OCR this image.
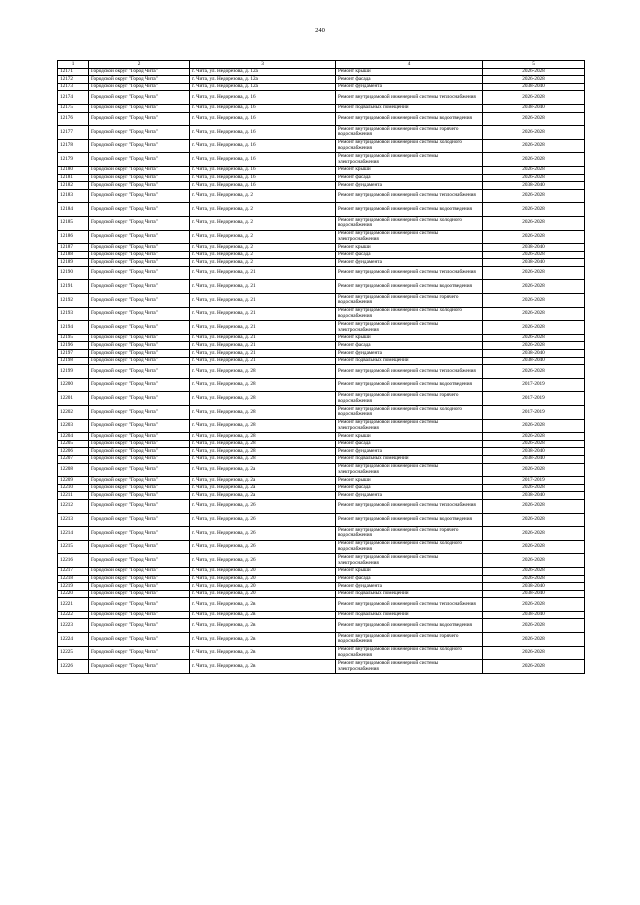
240
1	2	3	4	5
12171	Городской округ "Город Чита"	г. Чита, ул. Недорезова, д. 12а	Ремонт крыши	2026-2028
12172	Городской округ "Город Чита"	г. Чита, ул. Недорезова, д. 12а	Ремонт фасада	2026-2028
12173	Городской округ "Город Чита"	г. Чита, ул. Недорезова, д. 12а	Ремонт фундамента	2038-2040
12174	Городской округ "Город Чита"	г. Чита, ул. Недорезова, д. 16	Ремонт внутридомовой инженерной системы теплоснабжения	2026-2028
12175	Городской округ "Город Чита"	г. Чита, ул. Недорезова, д. 16	Ремонт подвальных помещений	2038-2040
12176	Городской округ "Город Чита"	г. Чита, ул. Недорезова, д. 16	Ремонт внутридомовой инженерной системы водоотведения	2026-2028
12177	Городской округ "Город Чита"	г. Чита, ул. Недорезова, д. 16	Ремонт внутридомовой инженерной системы горячего водоснабжения	2026-2028
12178	Городской округ "Город Чита"	г. Чита, ул. Недорезова, д. 16	Ремонт внутридомовой инженерной системы холодного водоснабжения	2026-2028
12179	Городской округ "Город Чита"	г. Чита, ул. Недорезова, д. 16	Ремонт внутридомовой инженерной системы электроснабжения	2026-2028
12180	Городской округ "Город Чита"	г. Чита, ул. Недорезова, д. 16	Ремонт крыши	2026-2028
12181	Городской округ "Город Чита"	г. Чита, ул. Недорезова, д. 16	Ремонт фасада	2026-2028
12182	Городской округ "Город Чита"	г. Чита, ул. Недорезова, д. 16	Ремонт фундамента	2038-2040
12183	Городской округ "Город Чита"	г. Чита, ул. Недорезова, д. 2	Ремонт внутридомовой инженерной системы теплоснабжения	2026-2028
12184	Городской округ "Город Чита"	г. Чита, ул. Недорезова, д. 2	Ремонт внутридомовой инженерной системы водоотведения	2026-2028
12185	Городской округ "Город Чита"	г. Чита, ул. Недорезова, д. 2	Ремонт внутридомовой инженерной системы холодного водоснабжения	2026-2028
12186	Городской округ "Город Чита"	г. Чита, ул. Недорезова, д. 2	Ремонт внутридомовой инженерной системы электроснабжения	2026-2028
12187	Городской округ "Город Чита"	г. Чита, ул. Недорезова, д. 2	Ремонт крыши	2038-2040
12188	Городской округ "Город Чита"	г. Чита, ул. Недорезова, д. 2	Ремонт фасада	2026-2028
12189	Городской округ "Город Чита"	г. Чита, ул. Недорезова, д. 2	Ремонт фундамента	2038-2040
12190	Городской округ "Город Чита"	г. Чита, ул. Недорезова, д. 21	Ремонт внутридомовой инженерной системы теплоснабжения	2026-2028
12191	Городской округ "Город Чита"	г. Чита, ул. Недорезова, д. 21	Ремонт внутридомовой инженерной системы водоотведения	2026-2028
12192	Городской округ "Город Чита"	г. Чита, ул. Недорезова, д. 21	Ремонт внутридомовой инженерной системы горячего водоснабжения	2026-2028
12193	Городской округ "Город Чита"	г. Чита, ул. Недорезова, д. 21	Ремонт внутридомовой инженерной системы холодного водоснабжения	2026-2028
12194	Городской округ "Город Чита"	г. Чита, ул. Недорезова, д. 21	Ремонт внутридомовой инженерной системы электроснабжения	2026-2028
12195	Городской округ "Город Чита"	г. Чита, ул. Недорезова, д. 21	Ремонт крыши	2026-2028
12196	Городской округ "Город Чита"	г. Чита, ул. Недорезова, д. 21	Ремонт фасада	2026-2028
12197	Городской округ "Город Чита"	г. Чита, ул. Недорезова, д. 21	Ремонт фундамента	2038-2040
12198	Городской округ "Город Чита"	г. Чита, ул. Недорезова, д. 21	Ремонт подвальных помещений	2038-2040
12199	Городской округ "Город Чита"	г. Чита, ул. Недорезова, д. 28	Ремонт внутридомовой инженерной системы теплоснабжения	2026-2028
12200	Городской округ "Город Чита"	г. Чита, ул. Недорезова, д. 28	Ремонт внутридомовой инженерной системы водоотведения	2017-2019
12201	Городской округ "Город Чита"	г. Чита, ул. Недорезова, д. 28	Ремонт внутридомовой инженерной системы горячего водоснабжения	2017-2019
12202	Городской округ "Город Чита"	г. Чита, ул. Недорезова, д. 28	Ремонт внутридомовой инженерной системы холодного водоснабжения	2017-2019
12203	Городской округ "Город Чита"	г. Чита, ул. Недорезова, д. 28	Ремонт внутридомовой инженерной системы электроснабжения	2026-2028
12204	Городской округ "Город Чита"	г. Чита, ул. Недорезова, д. 28	Ремонт крыши	2026-2028
12205	Городской округ "Город Чита"	г. Чита, ул. Недорезова, д. 28	Ремонт фасада	2026-2028
12206	Городской округ "Город Чита"	г. Чита, ул. Недорезова, д. 28	Ремонт фундамента	2038-2040
12207	Городской округ "Город Чита"	г. Чита, ул. Недорезова, д. 28	Ремонт подвальных помещений	2038-2040
12208	Городской округ "Город Чита"	г. Чита, ул. Недорезова, д. 2а	Ремонт внутридомовой инженерной системы электроснабжения	2026-2028
12209	Городской округ "Город Чита"	г. Чита, ул. Недорезова, д. 2а	Ремонт крыши	2017-2019
12210	Городской округ "Город Чита"	г. Чита, ул. Недорезова, д. 2а	Ремонт фасада	2026-2028
12211	Городской округ "Город Чита"	г. Чита, ул. Недорезова, д. 2а	Ремонт фундамента	2038-2040
12212	Городской округ "Город Чита"	г. Чита, ул. Недорезова, д. 26	Ремонт внутридомовой инженерной системы теплоснабжения	2026-2028
12213	Городской округ "Город Чита"	г. Чита, ул. Недорезова, д. 26	Ремонт внутридомовой инженерной системы водоотведения	2026-2028
12214	Городской округ "Город Чита"	г. Чита, ул. Недорезова, д. 26	Ремонт внутридомовой инженерной системы горячего водоснабжения	2026-2028
12215	Городской округ "Город Чита"	г. Чита, ул. Недорезова, д. 26	Ремонт внутридомовой инженерной системы холодного водоснабжения	2026-2028
12216	Городской округ "Город Чита"	г. Чита, ул. Недорезова, д. 26	Ремонт внутридомовой инженерной системы электроснабжения	2026-2028
12217	Городской округ "Город Чита"	г. Чита, ул. Недорезова, д. 20	Ремонт крыши	2026-2028
12218	Городской округ "Город Чита"	г. Чита, ул. Недорезова, д. 20	Ремонт фасада	2026-2028
12219	Городской округ "Город Чита"	г. Чита, ул. Недорезова, д. 20	Ремонт фундамента	2038-2040
12220	Городской округ "Город Чита"	г. Чита, ул. Недорезова, д. 20	Ремонт подвальных помещений	2038-2040
12221	Городской округ "Город Чита"	г. Чита, ул. Недорезова, д. 2в	Ремонт внутридомовой инженерной системы теплоснабжения	2026-2028
12222	Городской округ "Город Чита"	г. Чита, ул. Недорезова, д. 2в	Ремонт подвальных помещений	2038-2040
12223	Городской округ "Город Чита"	г. Чита, ул. Недорезова, д. 2в	Ремонт внутридомовой инженерной системы водоотведения	2026-2028
12224	Городской округ "Город Чита"	г. Чита, ул. Недорезова, д. 2в	Ремонт внутридомовой инженерной системы горячего водоснабжения	2026-2028
12225	Городской округ "Город Чита"	г. Чита, ул. Недорезова, д. 2в	Ремонт внутридомовой инженерной системы холодного водоснабжения	2026-2028
12226	Городской округ "Город Чита"	г. Чита, ул. Недорезова, д. 2в	Ремонт внутридомовой инженерной системы электроснабжения	2026-2028
